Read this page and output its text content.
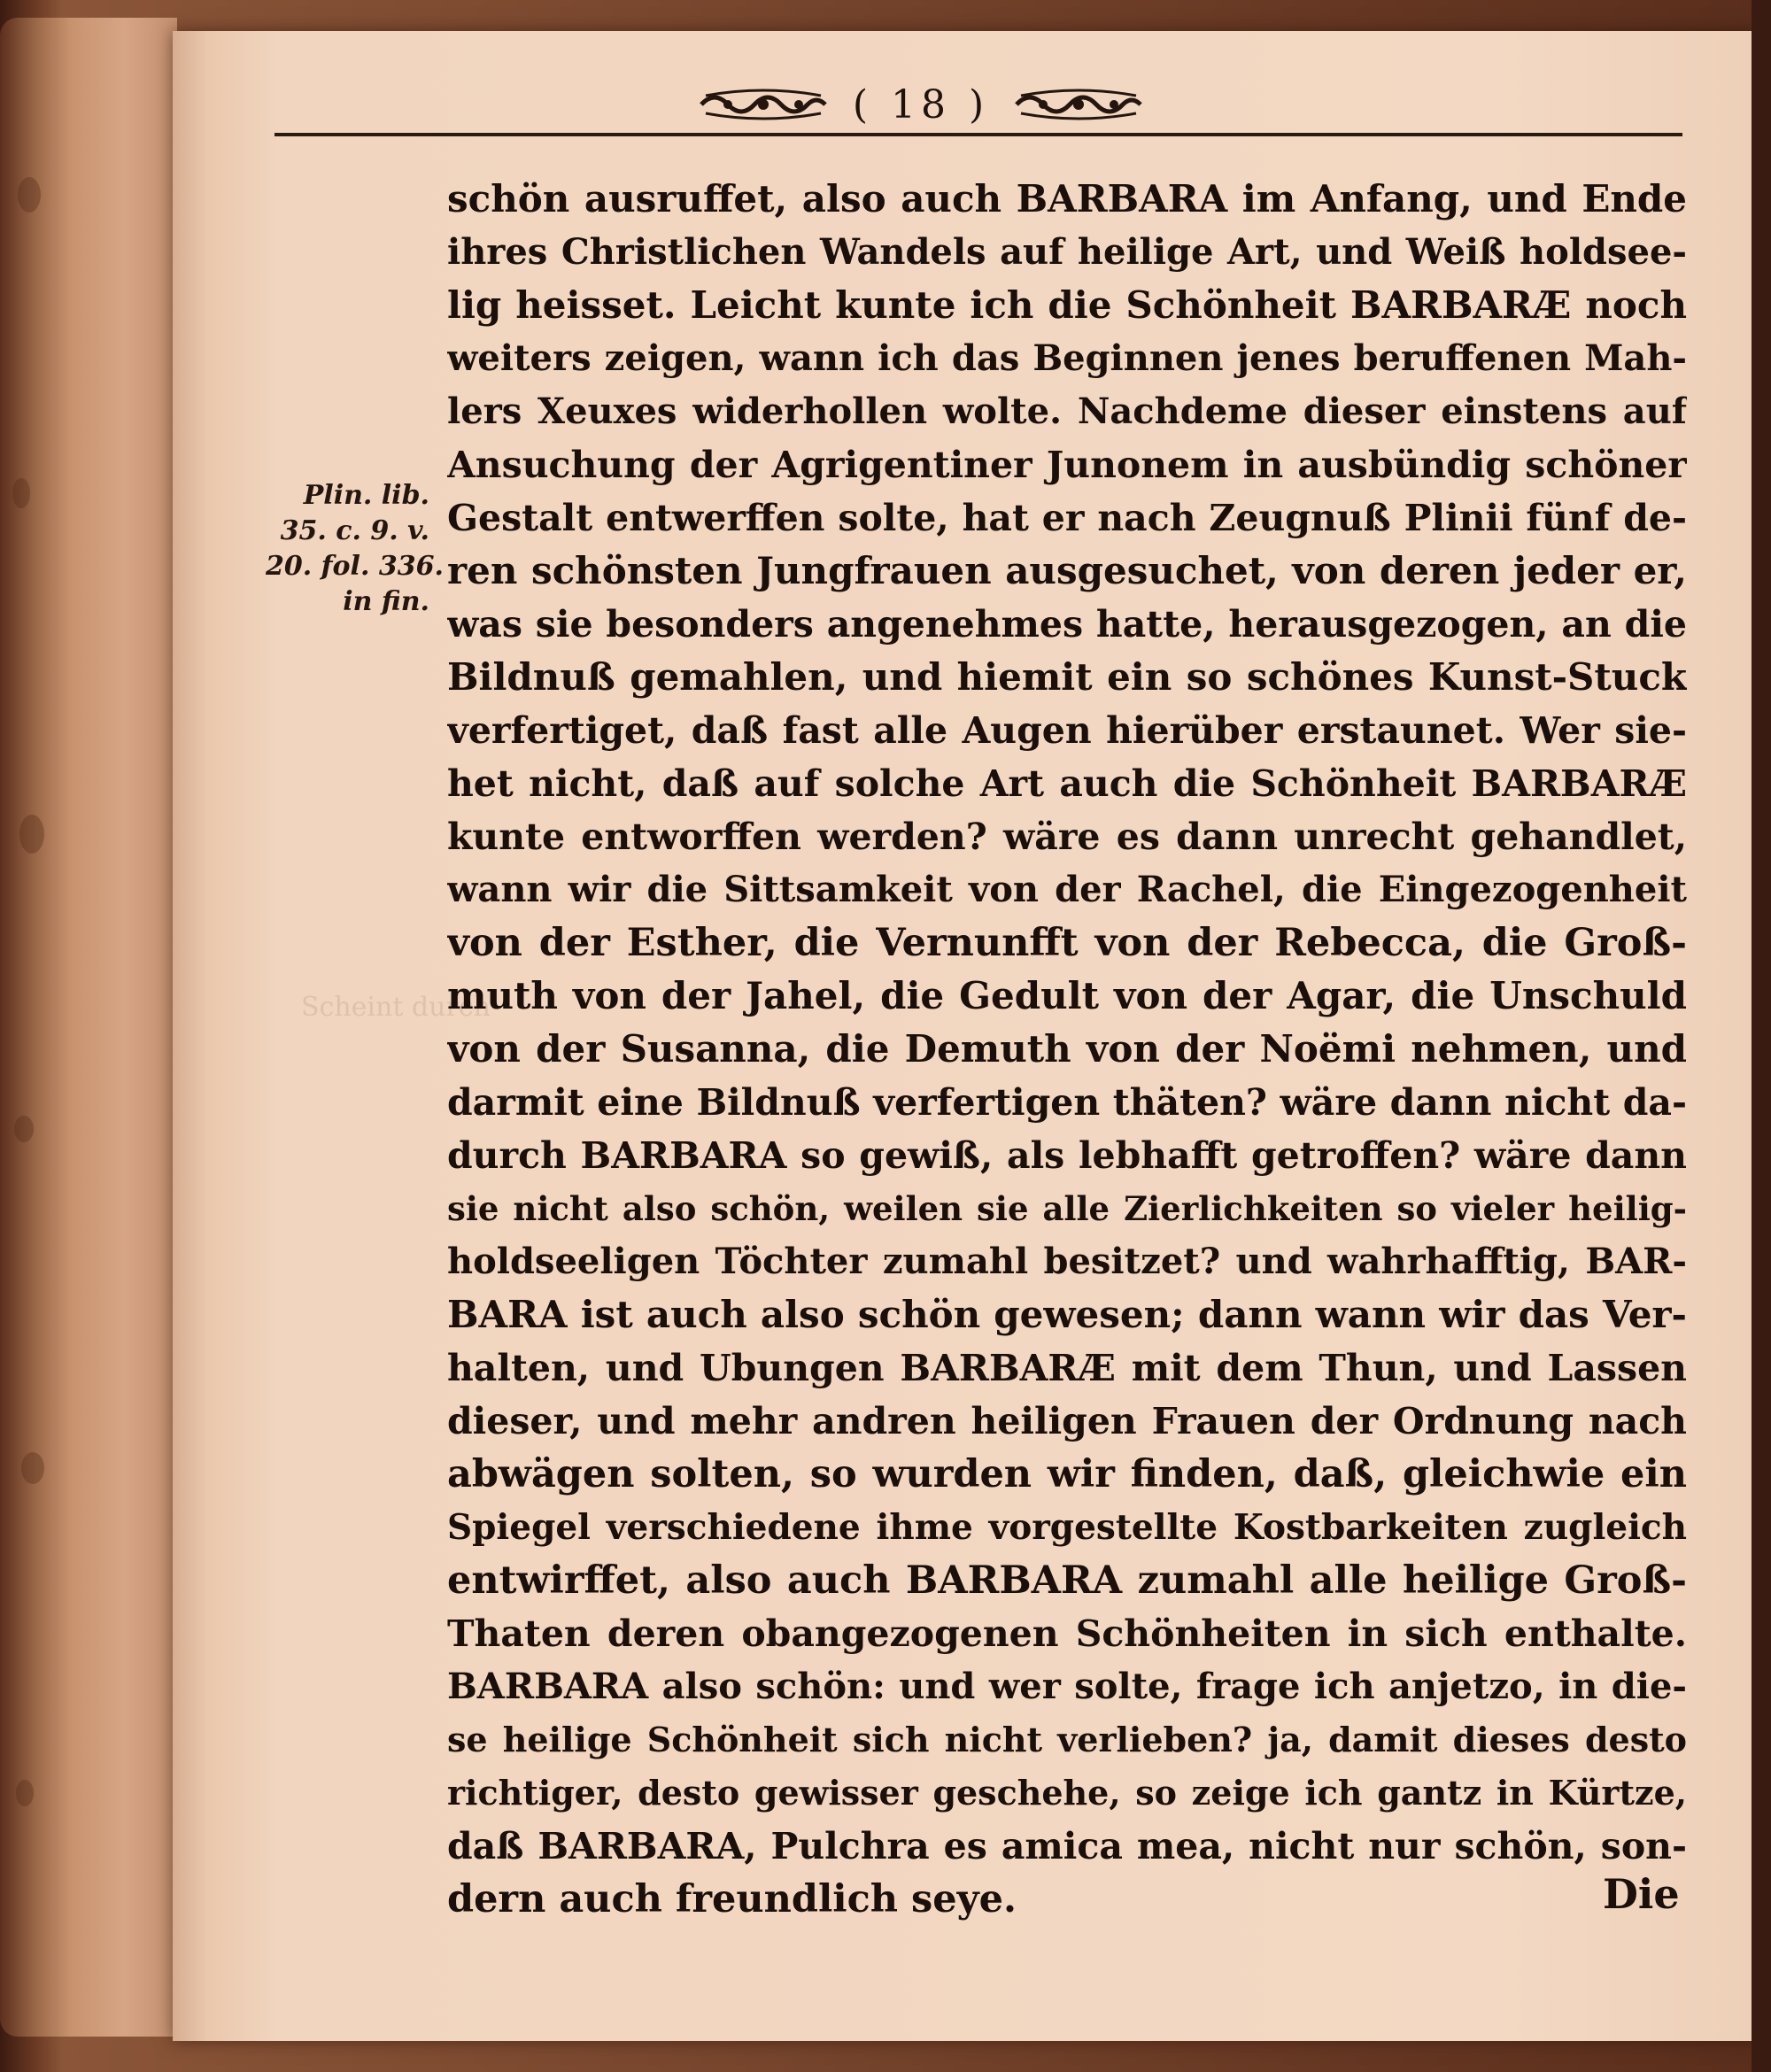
Scheint durch
( 18 )
Plin. lib.
35. c. 9. v.
20. fol. 336.
in fin.
schön ausruffet, also auch BARBARA im Anfang, und Ende
ihres Christlichen Wandels auf heilige Art, und Weiß holdsee-
lig heisset. Leicht kunte ich die Schönheit BARBARÆ noch
weiters zeigen, wann ich das Beginnen jenes beruffenen Mah-
lers Xeuxes widerhollen wolte. Nachdeme dieser einstens auf
Ansuchung der Agrigentiner Junonem in ausbündig schöner
Gestalt entwerffen solte, hat er nach Zeugnuß Plinii fünf de-
ren schönsten Jungfrauen ausgesuchet, von deren jeder er,
was sie besonders angenehmes hatte, herausgezogen, an die
Bildnuß gemahlen, und hiemit ein so schönes Kunst-Stuck
verfertiget, daß fast alle Augen hierüber erstaunet. Wer sie-
het nicht, daß auf solche Art auch die Schönheit BARBARÆ
kunte entworffen werden? wäre es dann unrecht gehandlet,
wann wir die Sittsamkeit von der Rachel, die Eingezogenheit
von der Esther, die Vernunfft von der Rebecca, die Groß-
muth von der Jahel, die Gedult von der Agar, die Unschuld
von der Susanna, die Demuth von der Noëmi nehmen, und
darmit eine Bildnuß verfertigen thäten? wäre dann nicht da-
durch BARBARA so gewiß, als lebhafft getroffen? wäre dann
sie nicht also schön, weilen sie alle Zierlichkeiten so vieler heilig-
holdseeligen Töchter zumahl besitzet? und wahrhafftig, BAR-
BARA ist auch also schön gewesen; dann wann wir das Ver-
halten, und Ubungen BARBARÆ mit dem Thun, und Lassen
dieser, und mehr andren heiligen Frauen der Ordnung nach
abwägen solten, so wurden wir finden, daß, gleichwie ein
Spiegel verschiedene ihme vorgestellte Kostbarkeiten zugleich
entwirffet, also auch BARBARA zumahl alle heilige Groß-
Thaten deren obangezogenen Schönheiten in sich enthalte.
BARBARA also schön: und wer solte, frage ich anjetzo, in die-
se heilige Schönheit sich nicht verlieben? ja, damit dieses desto
richtiger, desto gewisser geschehe, so zeige ich gantz in Kürtze,
daß BARBARA, Pulchra es amica mea, nicht nur schön, son-
dern auch freundlich seye.	Die
